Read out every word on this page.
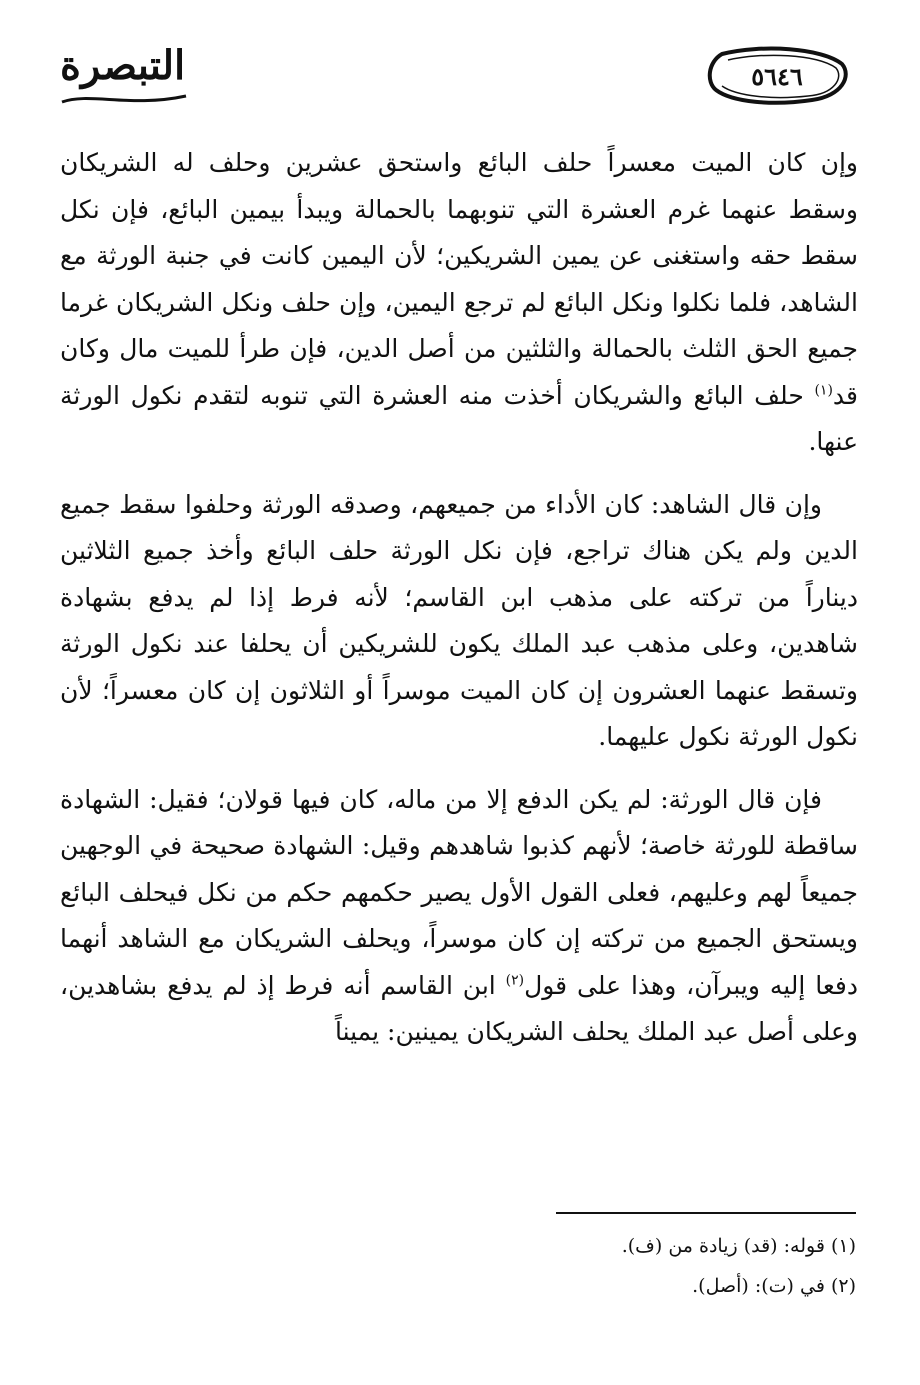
التبصرة	٥٦٤٦

وإن كان الميت معسراً حلف البائع واستحق عشرين وحلف له الشريكان وسقط عنهما غرم العشرة التي تنوبهما بالحمالة ويبدأ بيمين البائع، فإن نكل سقط حقه واستغنى عن يمين الشريكين؛ لأن اليمين كانت في جنبة الورثة مع الشاهد، فلما نكلوا ونكل البائع لم ترجع اليمين، وإن حلف ونكل الشريكان غرما جميع الحق الثلث بالحمالة والثلثين من أصل الدين، فإن طرأ للميت مال وكان قد$^{(١)}$ حلف البائع والشريكان أخذت منه العشرة التي تنوبه لتقدم نكول الورثة عنها.

وإن قال الشاهد: كان الأداء من جميعهم، وصدقه الورثة وحلفوا سقط جميع الدين ولم يكن هناك تراجع، فإن نكل الورثة حلف البائع وأخذ جميع الثلاثين ديناراً من تركته على مذهب ابن القاسم؛ لأنه فرط إذا لم يدفع بشهادة شاهدين، وعلى مذهب عبد الملك يكون للشريكين أن يحلفا عند نكول الورثة وتسقط عنهما العشرون إن كان الميت موسراً أو الثلاثون إن كان معسراً؛ لأن نكول الورثة نكول عليهما.

فإن قال الورثة: لم يكن الدفع إلا من ماله، كان فيها قولان؛ فقيل: الشهادة ساقطة للورثة خاصة؛ لأنهم كذبوا شاهدهم وقيل: الشهادة صحيحة في الوجهين جميعاً لهم وعليهم، فعلى القول الأول يصير حكمهم حكم من نكل فيحلف البائع ويستحق الجميع من تركته إن كان موسراً، ويحلف الشريكان مع الشاهد أنهما دفعا إليه ويبرآن، وهذا على قول$^{(٢)}$ ابن القاسم أنه فرط إذ لم يدفع بشاهدين، وعلى أصل عبد الملك يحلف الشريكان يمينين: يميناً

(١) قوله: (قد) زيادة من (ف).

(٢) في (ت): (أصل).
